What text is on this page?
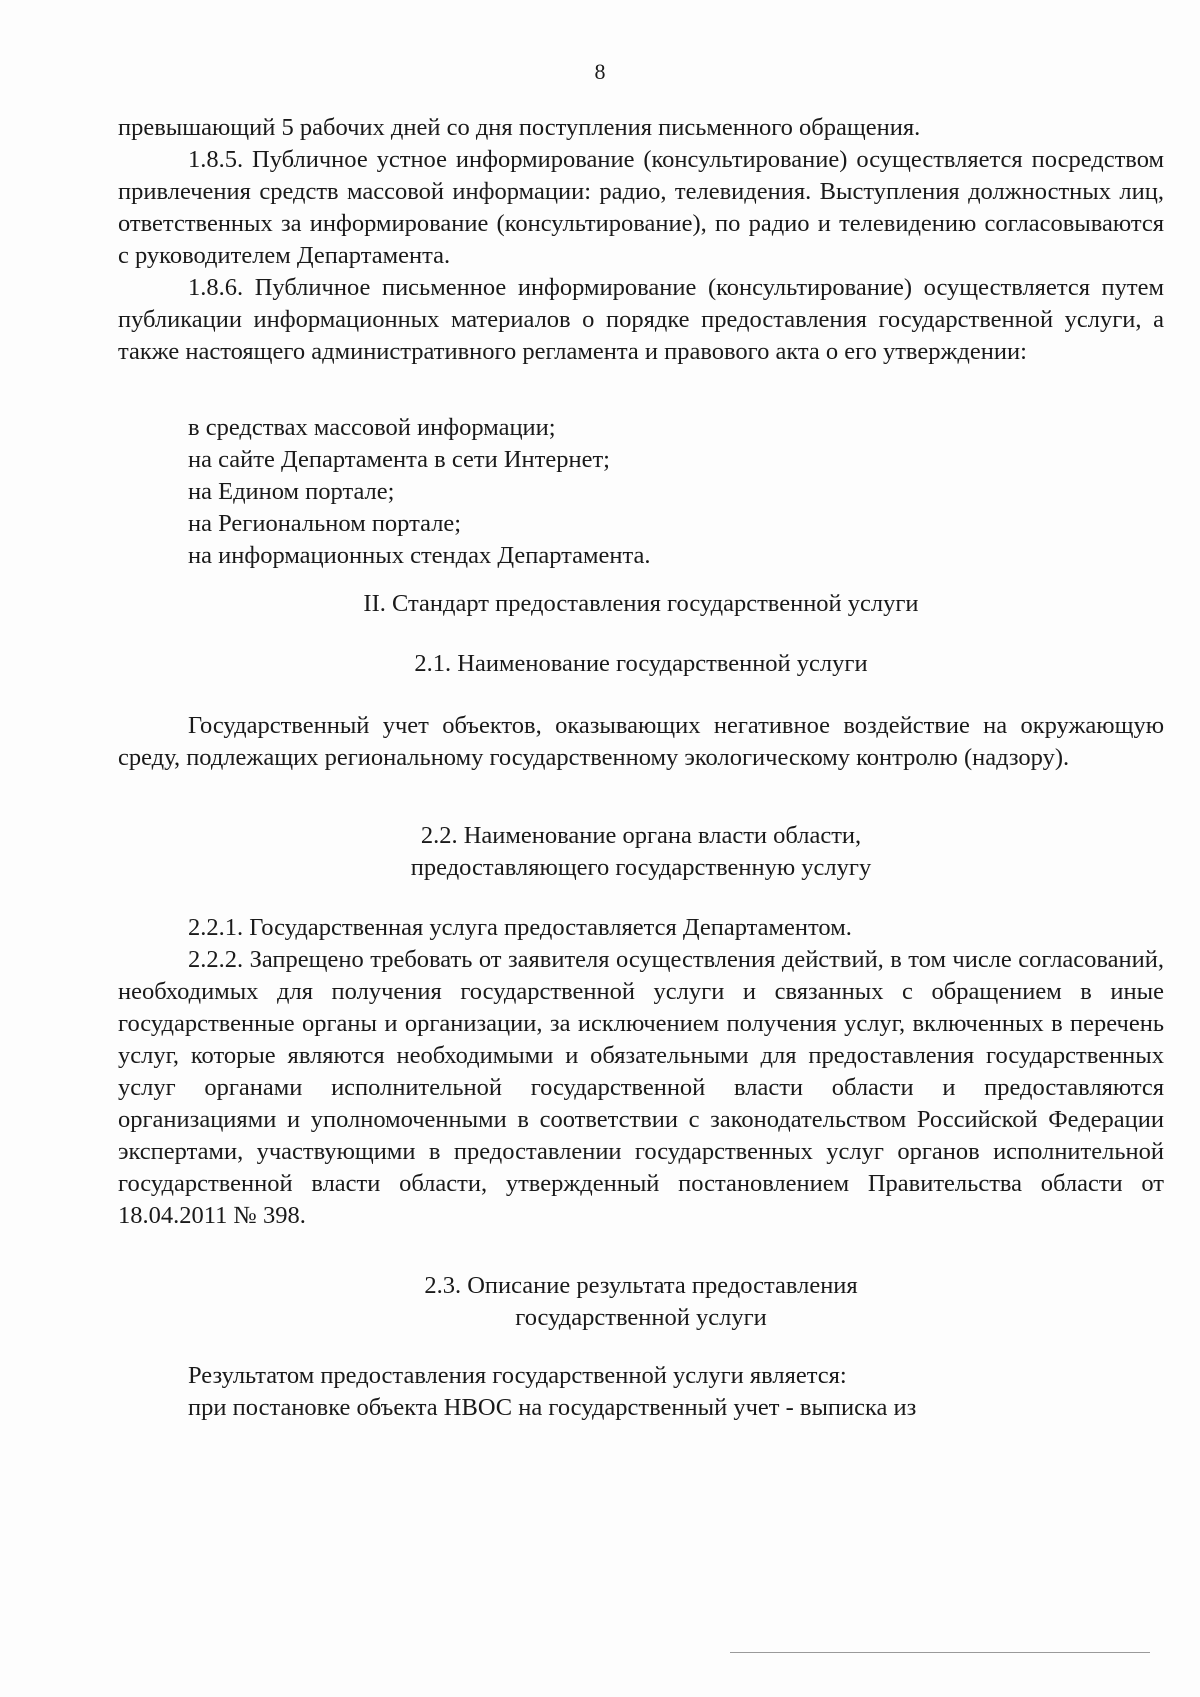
8

превышающий 5 рабочих дней со дня поступления письменного обращения.

1.8.5. Публичное устное информирование (консультирование) осуществляется посредством привлечения средств массовой информации: радио, телевидения. Выступления должностных лиц, ответственных за информирование (консультирование), по радио и телевидению согласовываются с руководителем Департамента.

1.8.6. Публичное письменное информирование (консультирование) осуществляется путем публикации информационных материалов о порядке предоставления государственной услуги, а также настоящего административного регламента и правового акта о его утверждении:

в средствах массовой информации;

на сайте Департамента в сети Интернет;

на Едином портале;

на Региональном портале;

на информационных стендах Департамента.

II. Стандарт предоставления государственной услуги

2.1. Наименование государственной услуги

Государственный учет объектов, оказывающих негативное воздействие на окружающую среду, подлежащих региональному государственному экологическому контролю (надзору).

2.2. Наименование органа власти области,
предоставляющего государственную услугу

2.2.1. Государственная услуга предоставляется Департаментом.

2.2.2. Запрещено требовать от заявителя осуществления действий, в том числе согласований, необходимых для получения государственной услуги и связанных с обращением в иные государственные органы и организации, за исключением получения услуг, включенных в перечень услуг, которые являются необходимыми и обязательными для предоставления государственных услуг органами исполнительной государственной власти области и предоставляются организациями и уполномоченными в соответствии с законодательством Российской Федерации экспертами, участвующими в предоставлении государственных услуг органов исполнительной государственной власти области, утвержденный постановлением Правительства области от 18.04.2011 № 398.

2.3. Описание результата предоставления
государственной услуги

Результатом предоставления государственной услуги является:

при постановке объекта НВОС на государственный учет - выписка из
